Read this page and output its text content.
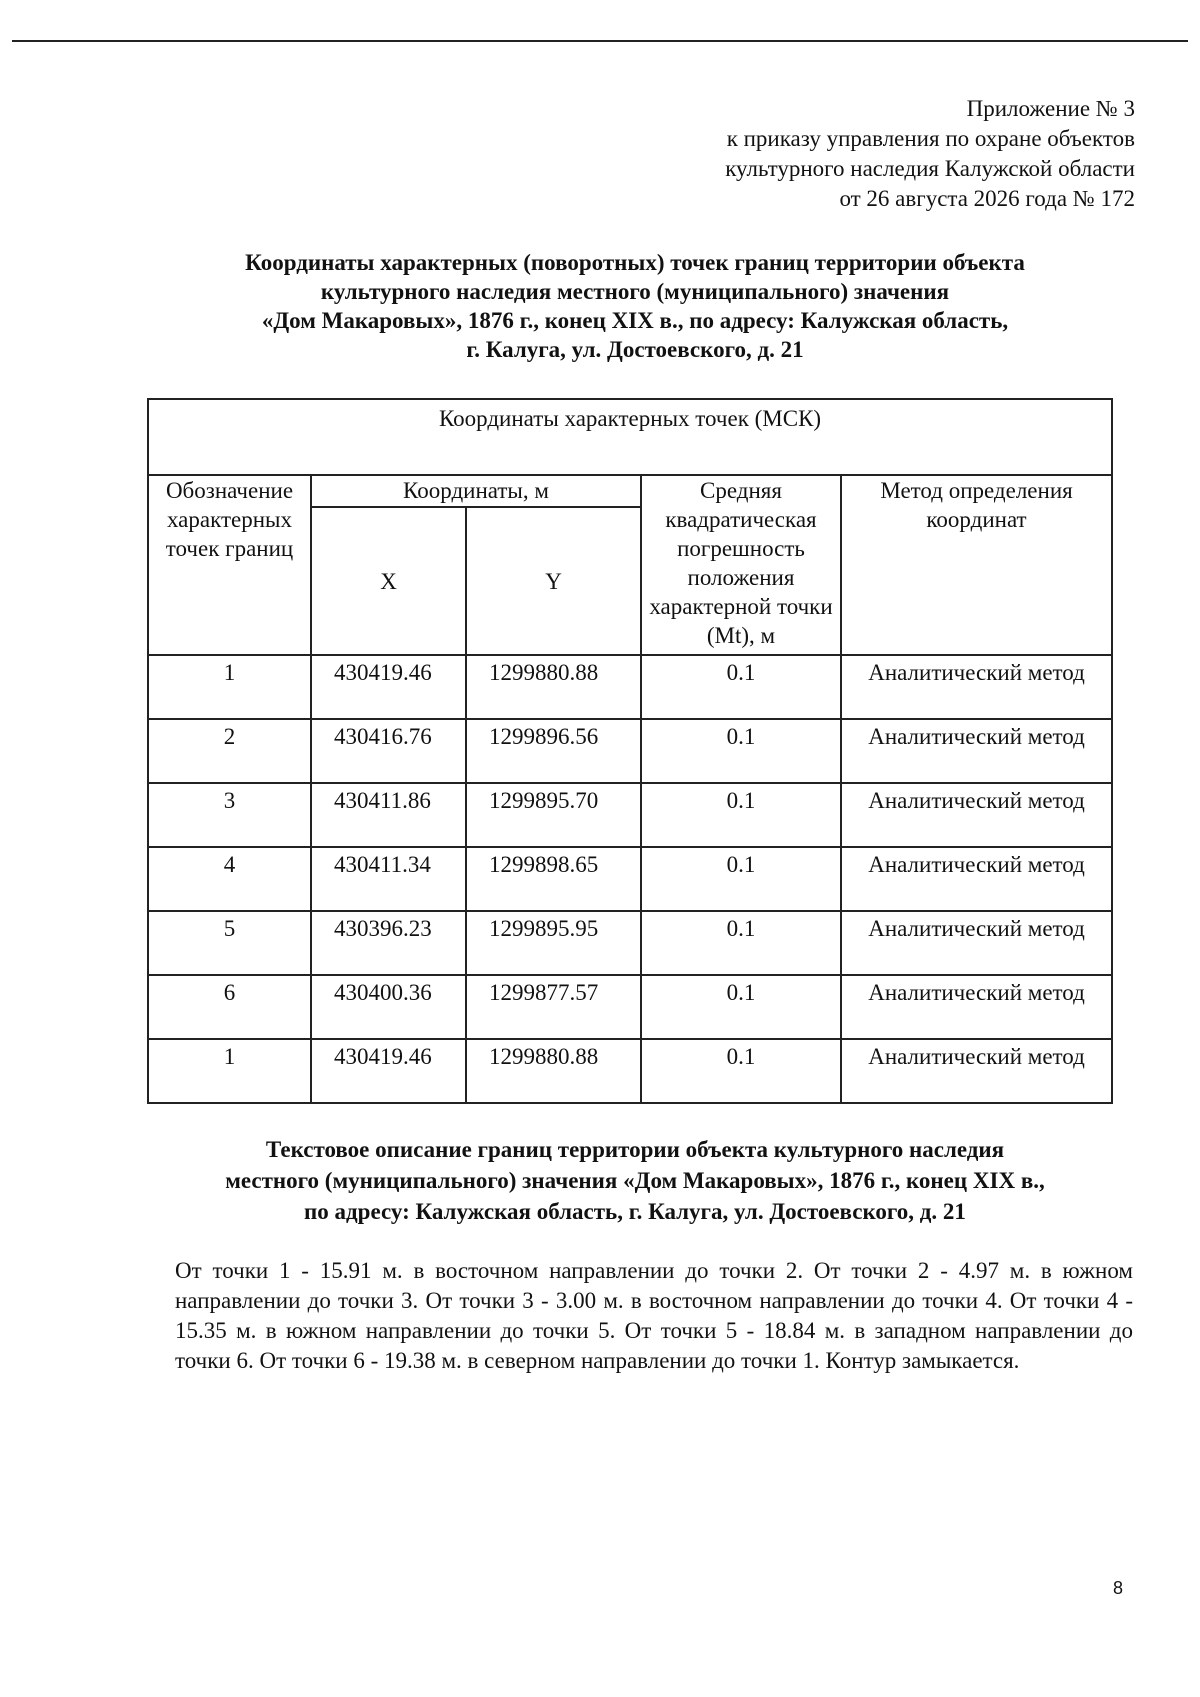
Приложение № 3
к приказу управления по охране объектов
культурного наследия Калужской области
от 26 августа 2026 года № 172
Координаты характерных (поворотных) точек границ территории объекта
культурного наследия местного (муниципального) значения
«Дом Макаровых», 1876 г., конец XIX в., по адресу: Калужская область,
г. Калуга, ул. Достоевского, д. 21
Координаты характерных точек (МСК)				
Обозначение характерных точек границ	Координаты, м		Средняя квадратическая погрешность положения характерной точки (Mt), м	Метод определения координат
	X	Y		
1	430419.46	1299880.88	0.1	Аналитический метод
2	430416.76	1299896.56	0.1	Аналитический метод
3	430411.86	1299895.70	0.1	Аналитический метод
4	430411.34	1299898.65	0.1	Аналитический метод
5	430396.23	1299895.95	0.1	Аналитический метод
6	430400.36	1299877.57	0.1	Аналитический метод
1	430419.46	1299880.88	0.1	Аналитический метод
Текстовое описание границ территории объекта культурного наследия
местного (муниципального) значения «Дом Макаровых», 1876 г., конец XIX в.,
по адресу: Калужская область, г. Калуга, ул. Достоевского, д. 21
От точки 1 - 15.91 м. в восточном направлении до точки 2. От точки 2 - 4.97 м. в южном направлении до точки 3. От точки 3 - 3.00 м. в восточном направлении до точки 4. От точки 4 - 15.35 м. в южном направлении до точки 5. От точки 5 - 18.84 м. в западном направлении до точки 6. От точки 6 - 19.38 м. в северном направлении до точки 1. Контур замыкается.
8
